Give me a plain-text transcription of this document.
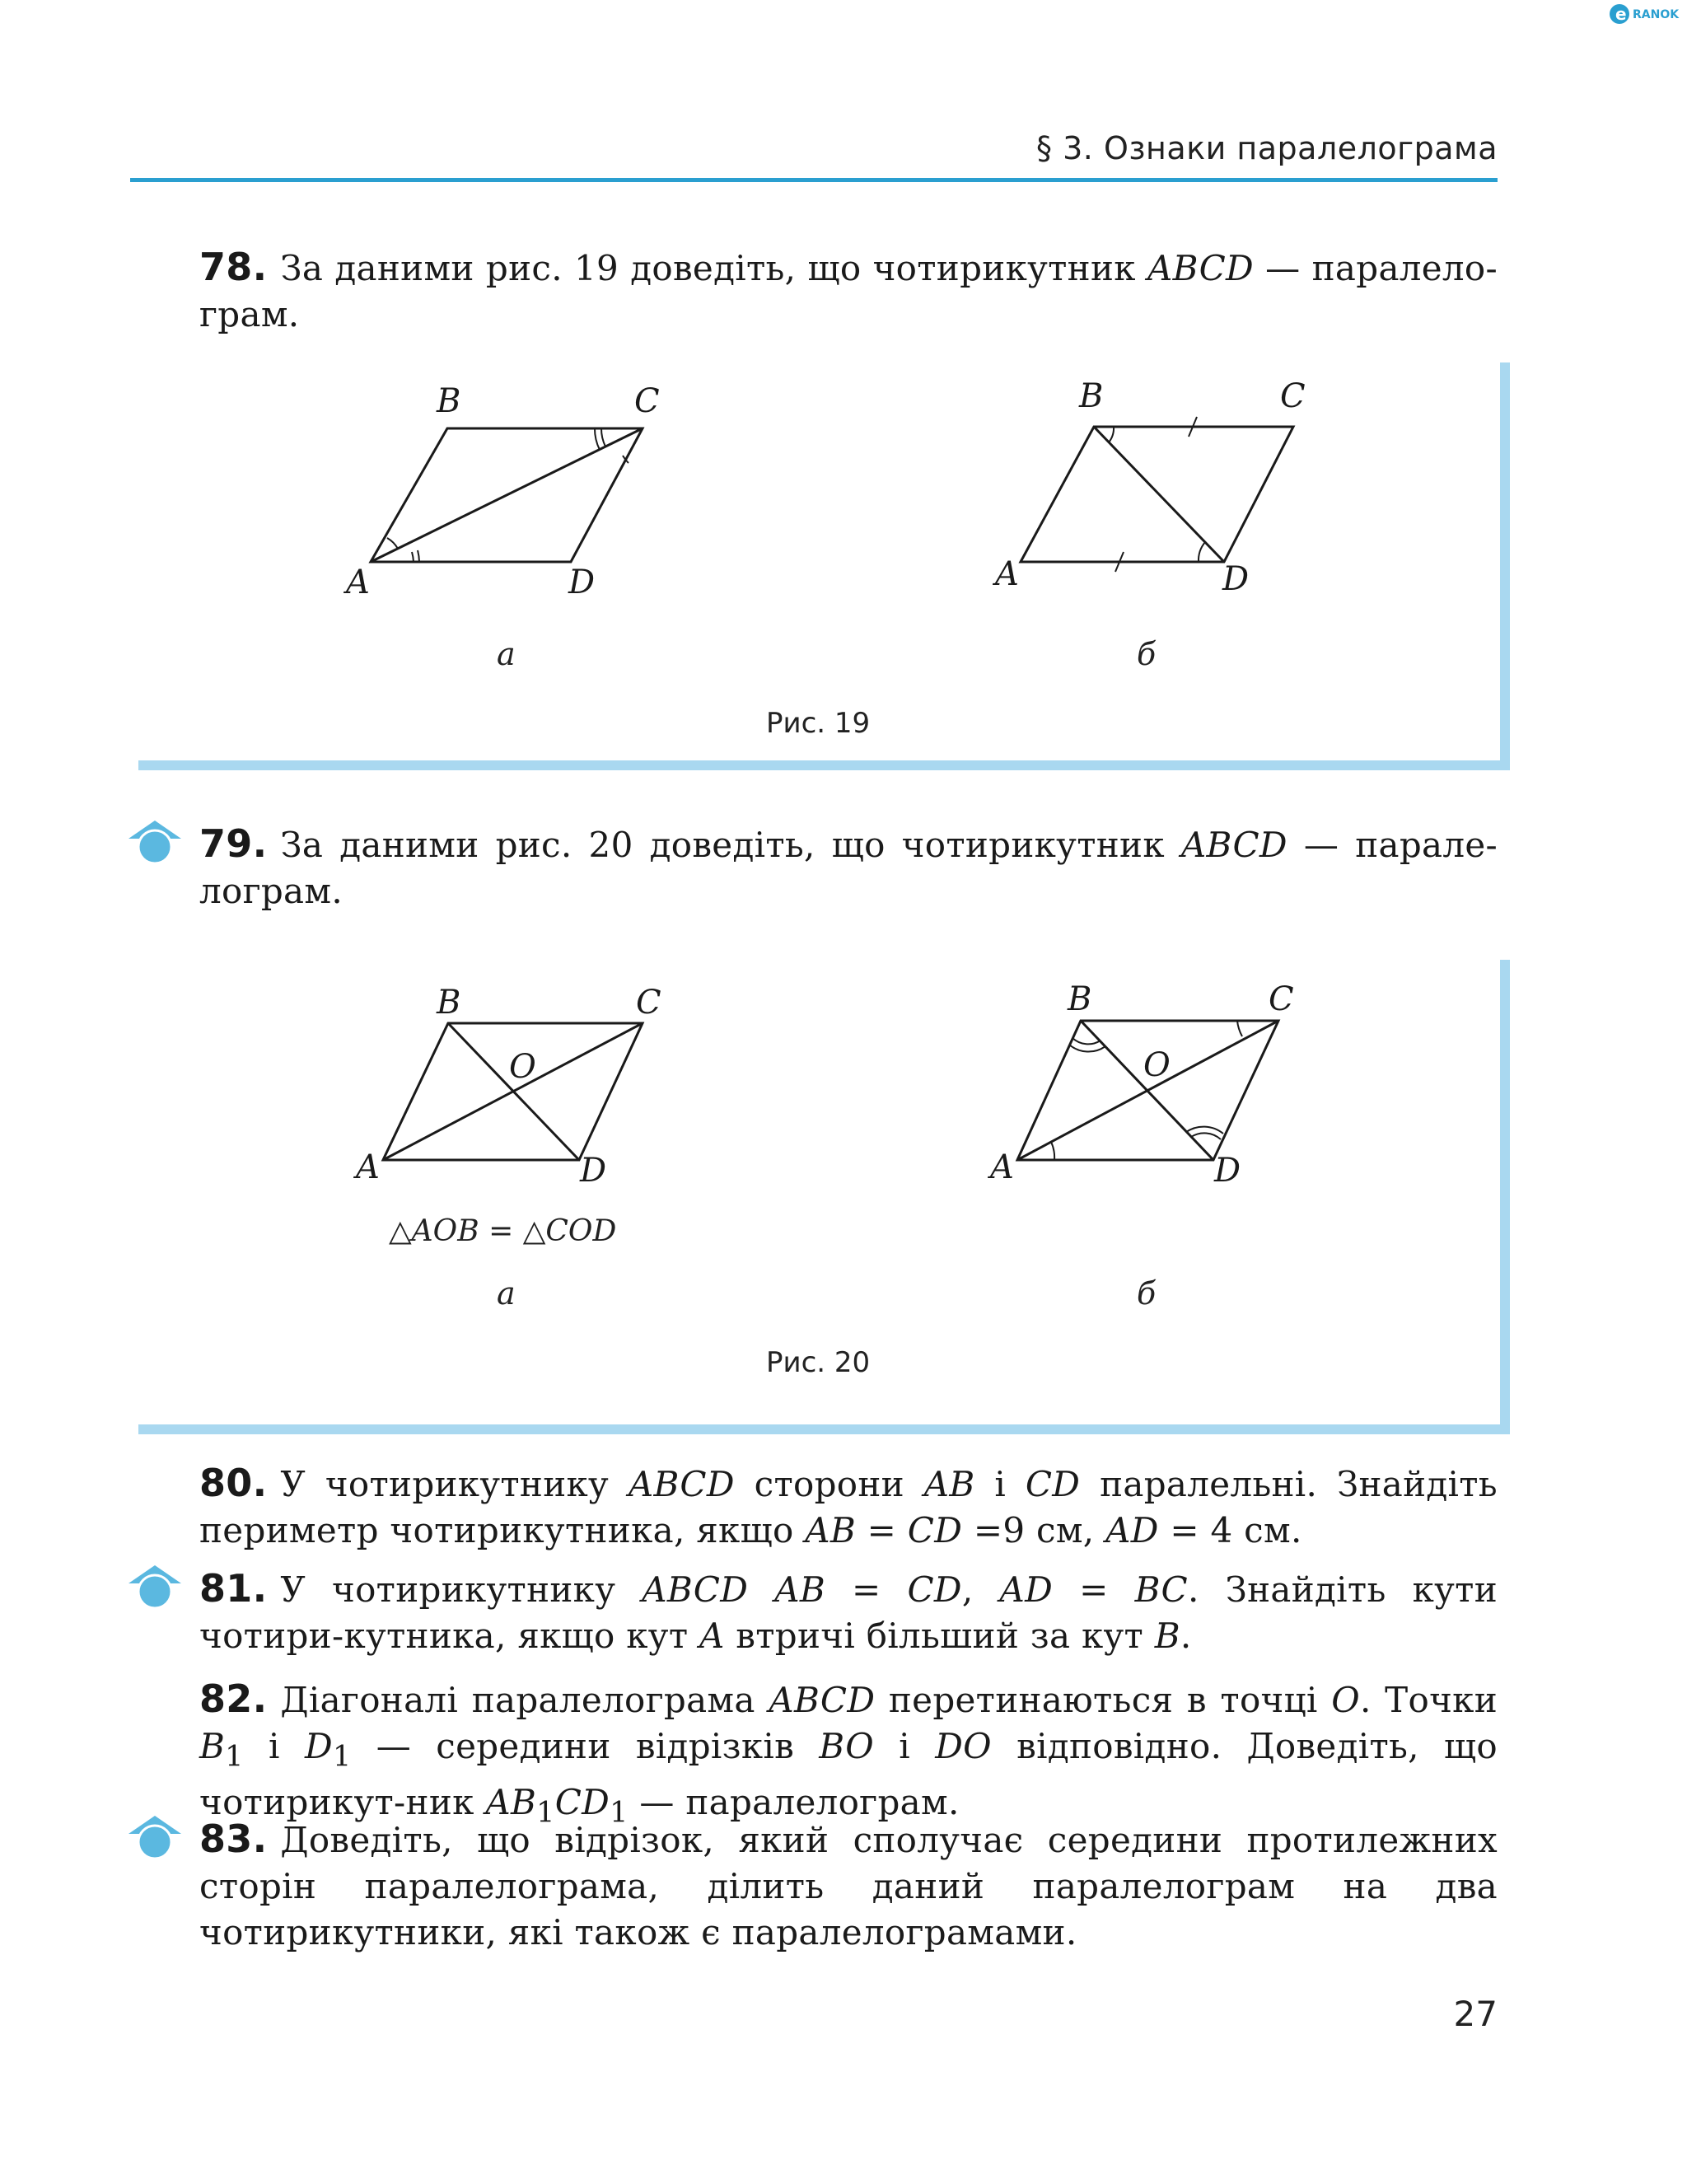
e RANOK
§ 3. Ознаки паралелограма
78. За даними рис. 19 доведіть, що чотирикутник ABCD — паралело-грам.
A
B	C
D
а
A
B	C
D
б
Рис. 19
79. За даними рис. 20 доведіть, що чотирикутник ABCD — парале-лограм.
A
B	C
D
O
△AOB = △COD
а
A
B	C
D
O
б
Рис. 20
80. У чотирикутнику ABCD сторони AB і CD паралельні. Знайдіть периметр чотирикутника, якщо AB = CD =9 см, AD = 4 см.
81. У чотирикутнику ABCD AB = CD, AD = BC. Знайдіть кути чотири-кутника, якщо кут A втричі більший за кут B.
82. Діагоналі паралелограма ABCD перетинаються в точці O. Точки $B_1$ і $D_1$ — середини відрізків BO і DO відповідно. Доведіть, що чотирикут-ник $AB_1CD_1$ — паралелограм.
83. Доведіть, що відрізок, який сполучає середини протилежних сторін паралелограма, ділить даний паралелограм на два чотирикутники, які також є паралелограмами.
27
